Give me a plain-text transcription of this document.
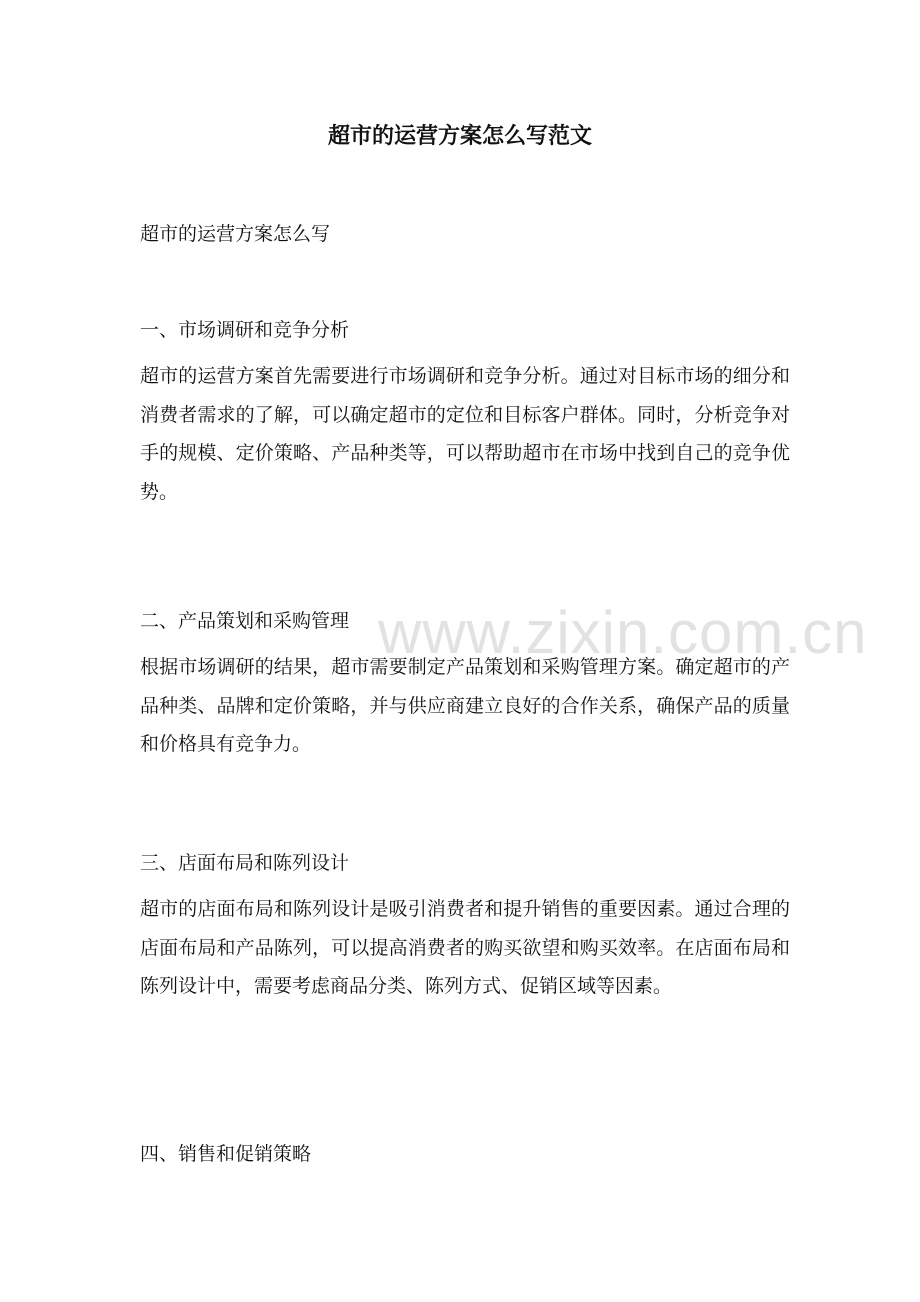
超市的运营方案怎么写范文

超市的运营方案怎么写

一、市场调研和竞争分析

超市的运营方案首先需要进行市场调研和竞争分析。通过对目标市场的细分和消费者需求的了解，可以确定超市的定位和目标客户群体。同时，分析竞争对手的规模、定价策略、产品种类等，可以帮助超市在市场中找到自己的竞争优势。

二、产品策划和采购管理

根据市场调研的结果，超市需要制定产品策划和采购管理方案。确定超市的产品种类、品牌和定价策略，并与供应商建立良好的合作关系，确保产品的质量和价格具有竞争力。

三、店面布局和陈列设计

超市的店面布局和陈列设计是吸引消费者和提升销售的重要因素。通过合理的店面布局和产品陈列，可以提高消费者的购买欲望和购买效率。在店面布局和陈列设计中，需要考虑商品分类、陈列方式、促销区域等因素。

四、销售和促销策略
www.zixin.com.cn
